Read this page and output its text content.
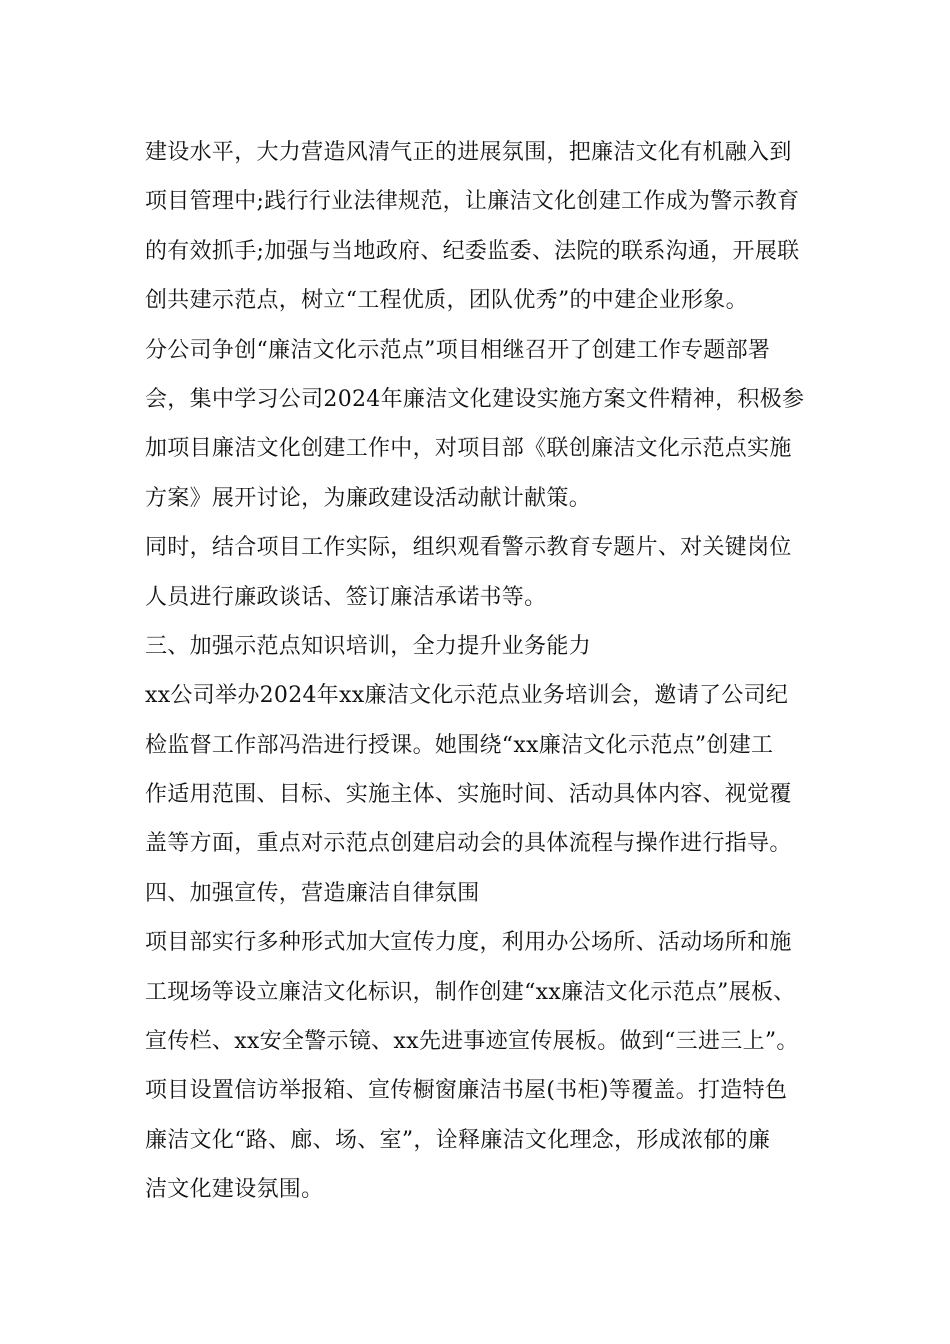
建设水平，大力营造风清气正的进展氛围，把廉洁文化有机融入到
项目管理中;践行行业法律规范，让廉洁文化创建工作成为警示教育
的有效抓手;加强与当地政府、纪委监委、法院的联系沟通，开展联
创共建示范点，树立“工程优质，团队优秀”的中建企业形象。
分公司争创“廉洁文化示范点”项目相继召开了创建工作专题部署
会，集中学习公司2024年廉洁文化建设实施方案文件精神，积极参
加项目廉洁文化创建工作中，对项目部《联创廉洁文化示范点实施
方案》展开讨论，为廉政建设活动献计献策。
同时，结合项目工作实际，组织观看警示教育专题片、对关键岗位
人员进行廉政谈话、签订廉洁承诺书等。
三、加强示范点知识培训，全力提升业务能力
xx公司举办2024年xx廉洁文化示范点业务培训会，邀请了公司纪
检监督工作部冯浩进行授课。她围绕“xx廉洁文化示范点”创建工
作适用范围、目标、实施主体、实施时间、活动具体内容、视觉覆
盖等方面，重点对示范点创建启动会的具体流程与操作进行指导。
四、加强宣传，营造廉洁自律氛围
项目部实行多种形式加大宣传力度，利用办公场所、活动场所和施
工现场等设立廉洁文化标识，制作创建“xx廉洁文化示范点”展板、
宣传栏、xx安全警示镜、xx先进事迹宣传展板。做到“三进三上”。
项目设置信访举报箱、宣传橱窗廉洁书屋(书柜)等覆盖。打造特色
廉洁文化“路、廊、场、室”，诠释廉洁文化理念，形成浓郁的廉
洁文化建设氛围。
